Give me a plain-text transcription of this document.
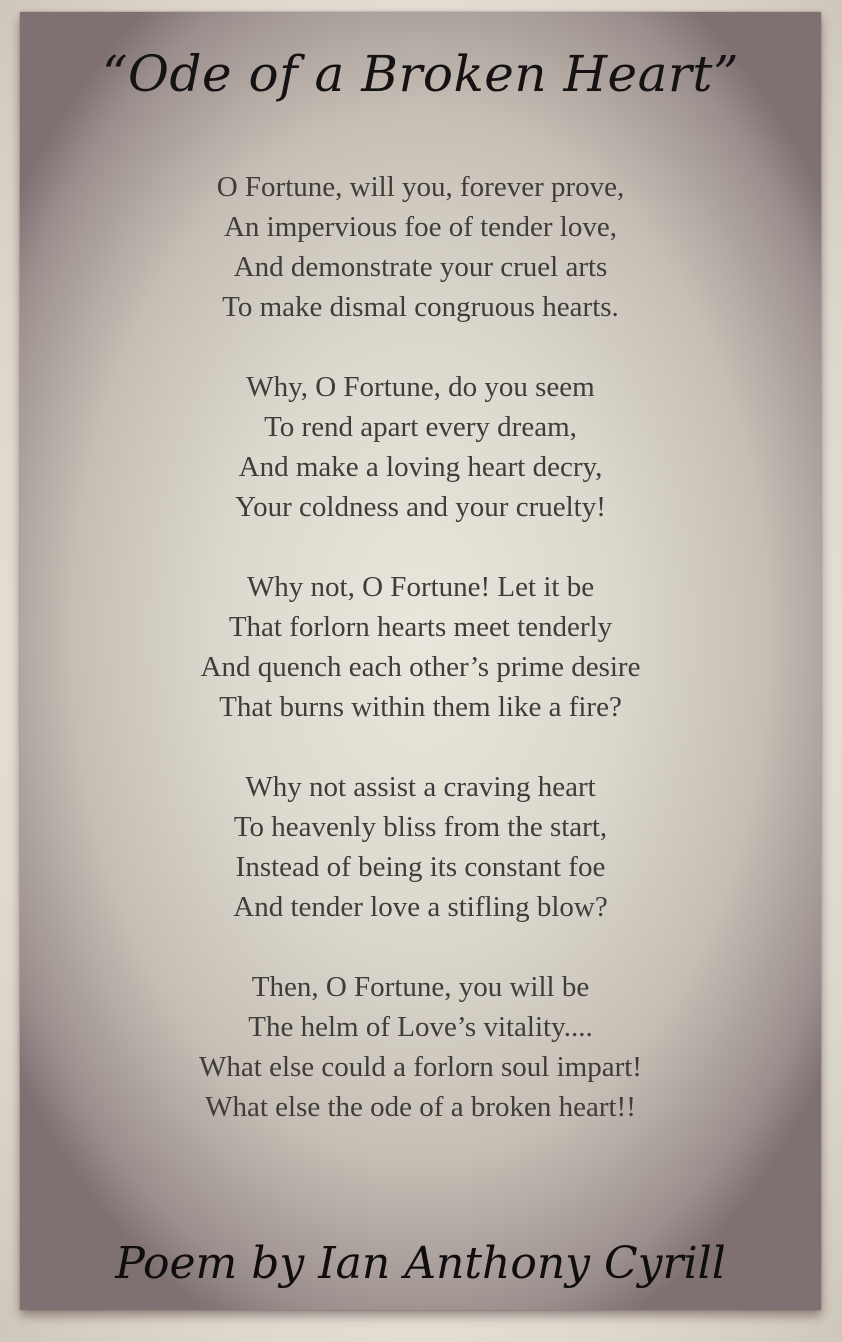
“Ode of a Broken Heart”
O Fortune, will you, forever prove,
An impervious foe of tender love,
And demonstrate your cruel arts
To make dismal congruous hearts.
Why, O Fortune, do you seem
To rend apart every dream,
And make a loving heart decry,
Your coldness and your cruelty!
Why not, O Fortune! Let it be
That forlorn hearts meet tenderly
And quench each other’s prime desire
That burns within them like a fire?
Why not assist a craving heart
To heavenly bliss from the start,
Instead of being its constant foe
And tender love a stifling blow?
Then, O Fortune, you will be
The helm of Love’s vitality....
What else could a forlorn soul impart!
What else the ode of a broken heart!!
Poem by Ian Anthony Cyrill
